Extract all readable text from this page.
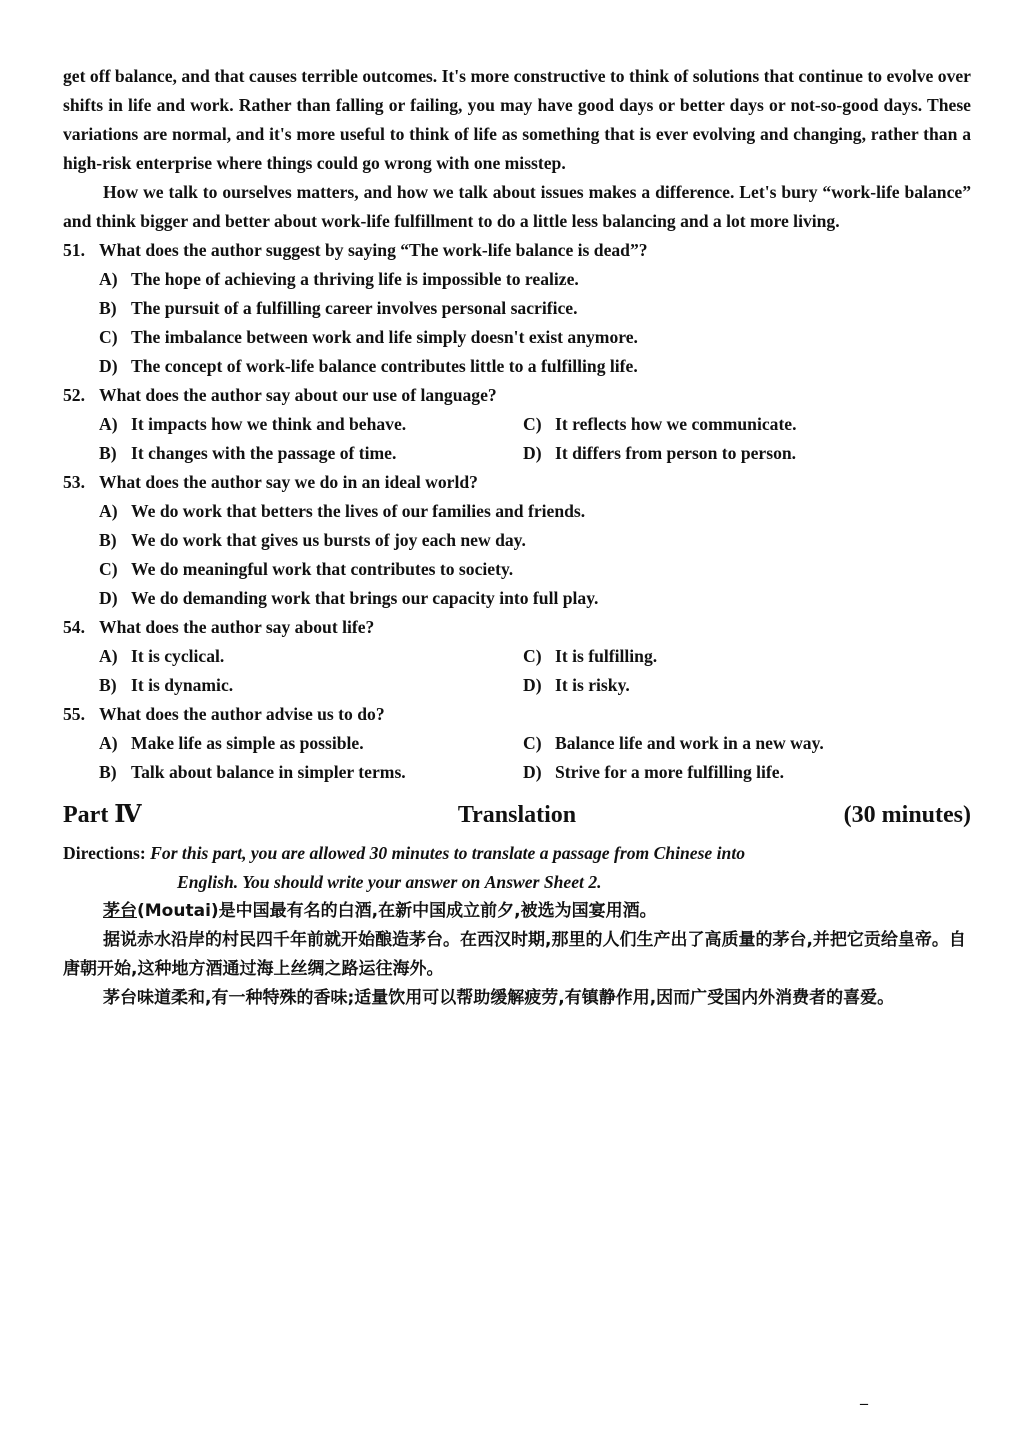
get off balance, and that causes terrible outcomes. It's more constructive to think of solutions that continue to evolve over shifts in life and work. Rather than falling or failing, you may have good days or better days or not-so-good days. These variations are normal, and it's more useful to think of life as something that is ever evolving and changing, rather than a high-risk enterprise where things could go wrong with one misstep.

How we talk to ourselves matters, and how we talk about issues makes a difference. Let's bury “work-life balance” and think bigger and better about work-life fulfillment to do a little less balancing and a lot more living.

51. What does the author suggest by saying “The work-life balance is dead”?
A) The hope of achieving a thriving life is impossible to realize.
B) The pursuit of a fulfilling career involves personal sacrifice.
C) The imbalance between work and life simply doesn't exist anymore.
D) The concept of work-life balance contributes little to a fulfilling life.
52. What does the author say about our use of language?
A) It impacts how we think and behave.	C) It reflects how we communicate.
B) It changes with the passage of time.	D) It differs from person to person.
53. What does the author say we do in an ideal world?
A) We do work that betters the lives of our families and friends.
B) We do work that gives us bursts of joy each new day.
C) We do meaningful work that contributes to society.
D) We do demanding work that brings our capacity into full play.
54. What does the author say about life?
A) It is cyclical.	C) It is fulfilling.
B) It is dynamic.	D) It is risky.
55. What does the author advise us to do?
A) Make life as simple as possible.	C) Balance life and work in a new way.
B) Talk about balance in simpler terms.	D) Strive for a more fulfilling life.
Part Ⅳ	Translation	(30 minutes)
Directions: For this part, you are allowed 30 minutes to translate a passage from Chinese into
English. You should write your answer on Answer Sheet 2.

茅台(Moutai)是中国最有名的白酒,在新中国成立前夕,被选为国宴用酒。

据说赤水沿岸的村民四千年前就开始酿造茅台。在西汉时期,那里的人们生产出了高质量的茅台,并把它贡给皇帝。自唐朝开始,这种地方酒通过海上丝绸之路运往海外。

茅台味道柔和,有一种特殊的香味;适量饮用可以帮助缓解疲劳,有镇静作用,因而广受国内外消费者的喜爱。

–
